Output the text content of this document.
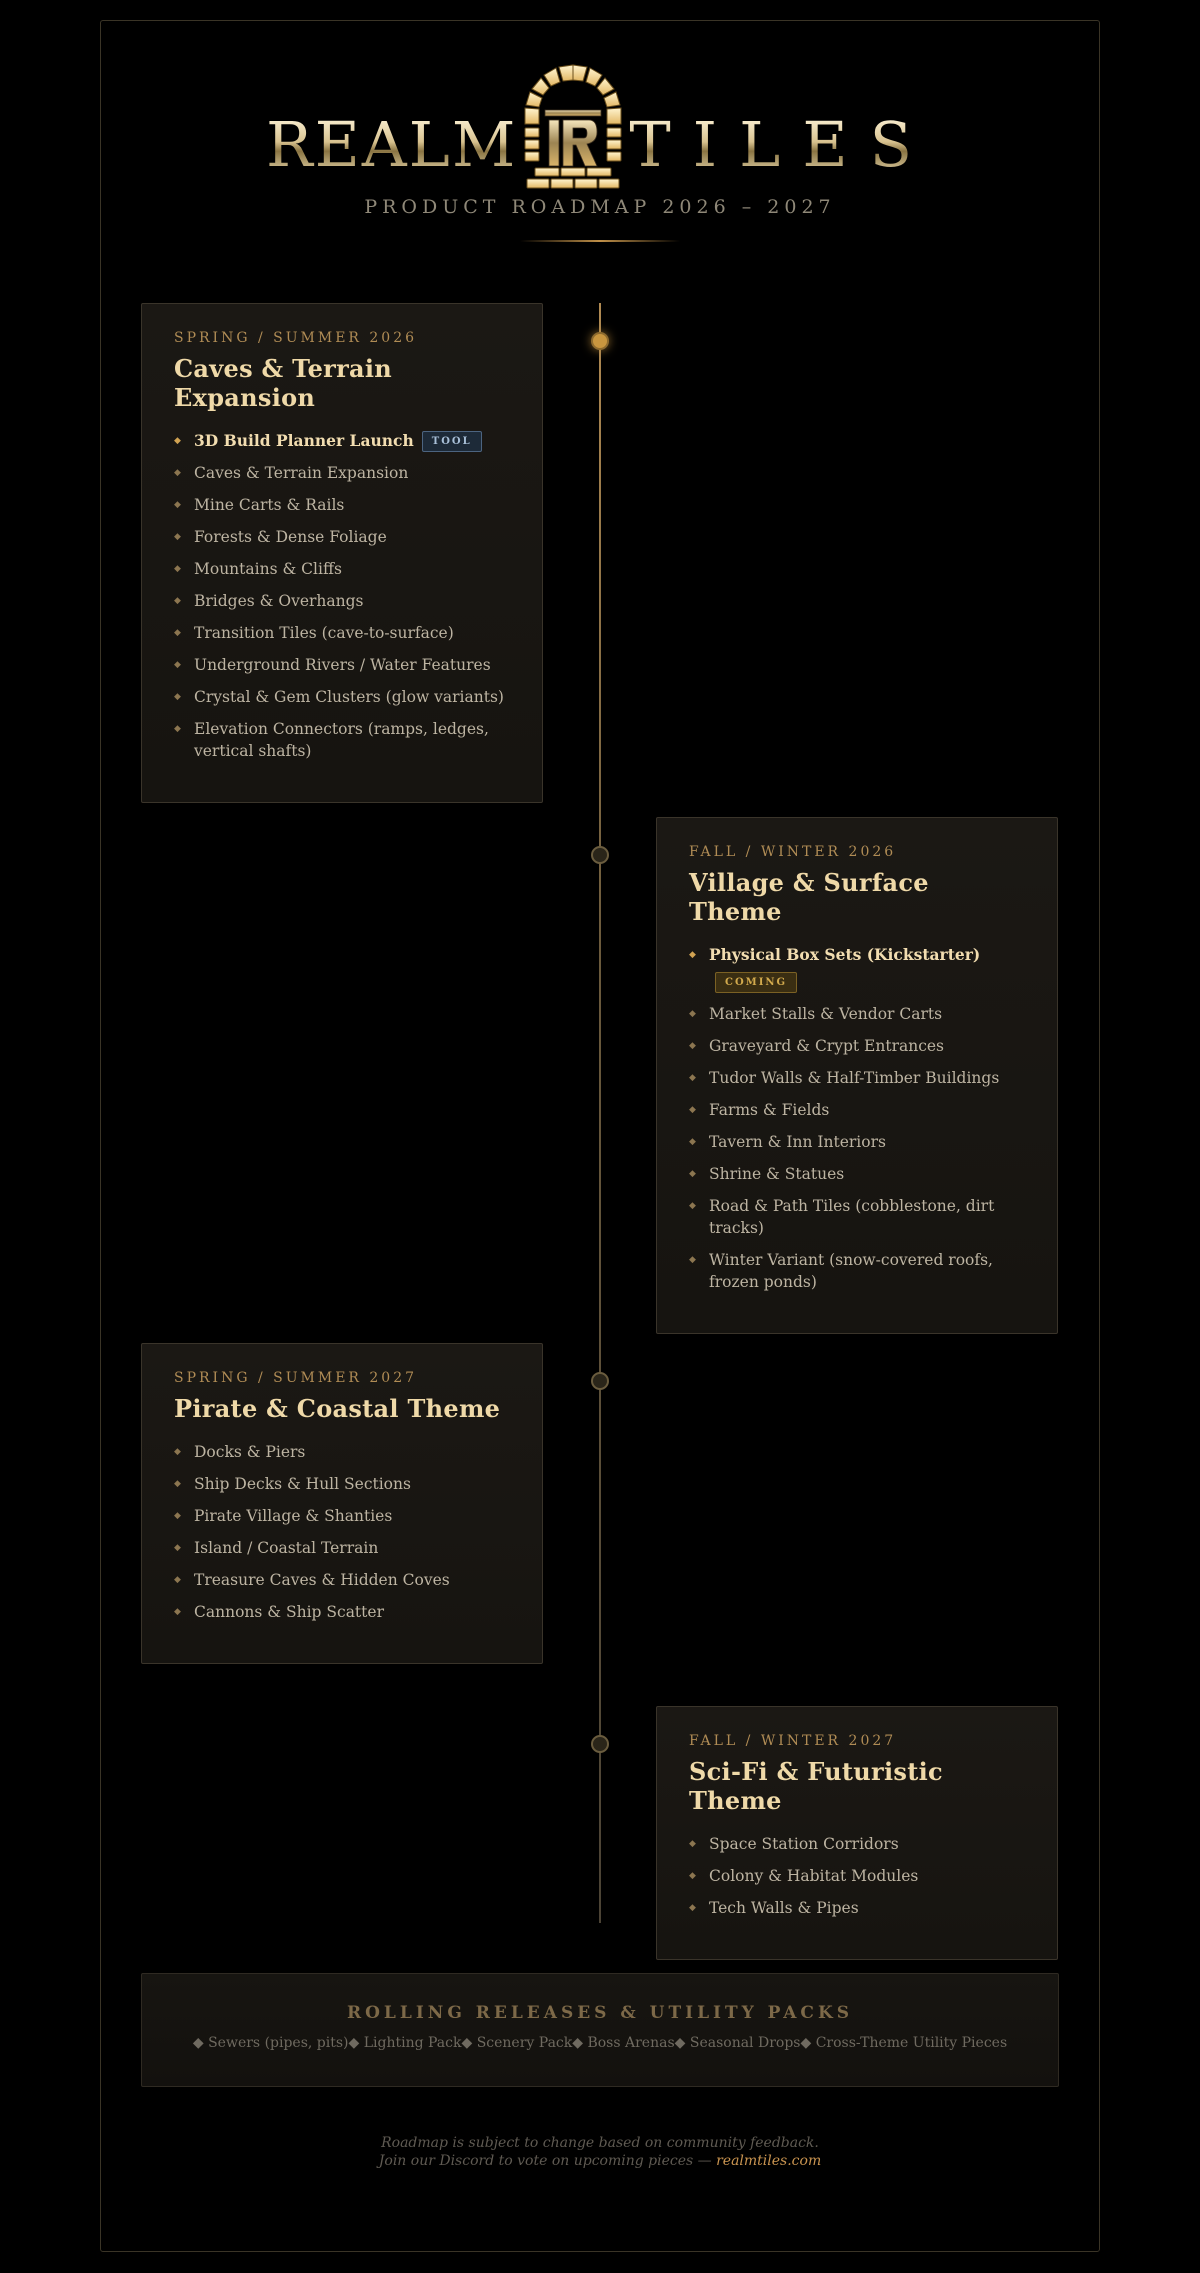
REALM TILES
PRODUCT ROADMAP 2026 – 2027
SPRING / SUMMER 2026
Caves & Terrain Expansion
◆ 3D Build Planner Launch TOOL
◆ Caves & Terrain Expansion
◆ Mine Carts & Rails
◆ Forests & Dense Foliage
◆ Mountains & Cliffs
◆ Bridges & Overhangs
◆ Transition Tiles (cave-to-surface)
◆ Underground Rivers / Water Features
◆ Crystal & Gem Clusters (glow variants)
◆ Elevation Connectors (ramps, ledges, vertical shafts)
FALL / WINTER 2026
Village & Surface Theme
◆ Physical Box Sets (Kickstarter)
COMING
◆ Market Stalls & Vendor Carts
◆ Graveyard & Crypt Entrances
◆ Tudor Walls & Half-Timber Buildings
◆ Farms & Fields
◆ Tavern & Inn Interiors
◆ Shrine & Statues
◆ Road & Path Tiles (cobblestone, dirt tracks)
◆ Winter Variant (snow-covered roofs, frozen ponds)
SPRING / SUMMER 2027
Pirate & Coastal Theme
◆ Docks & Piers
◆ Ship Decks & Hull Sections
◆ Pirate Village & Shanties
◆ Island / Coastal Terrain
◆ Treasure Caves & Hidden Coves
◆ Cannons & Ship Scatter
FALL / WINTER 2027
Sci-Fi & Futuristic Theme
◆ Space Station Corridors
◆ Colony & Habitat Modules
◆ Tech Walls & Pipes
ROLLING RELEASES & UTILITY PACKS
◆ Sewers (pipes, pits)◆ Lighting Pack◆ Scenery Pack◆ Boss Arenas◆ Seasonal Drops◆ Cross-Theme Utility Pieces
Roadmap is subject to change based on community feedback.
Join our Discord to vote on upcoming pieces — realmtiles.com
